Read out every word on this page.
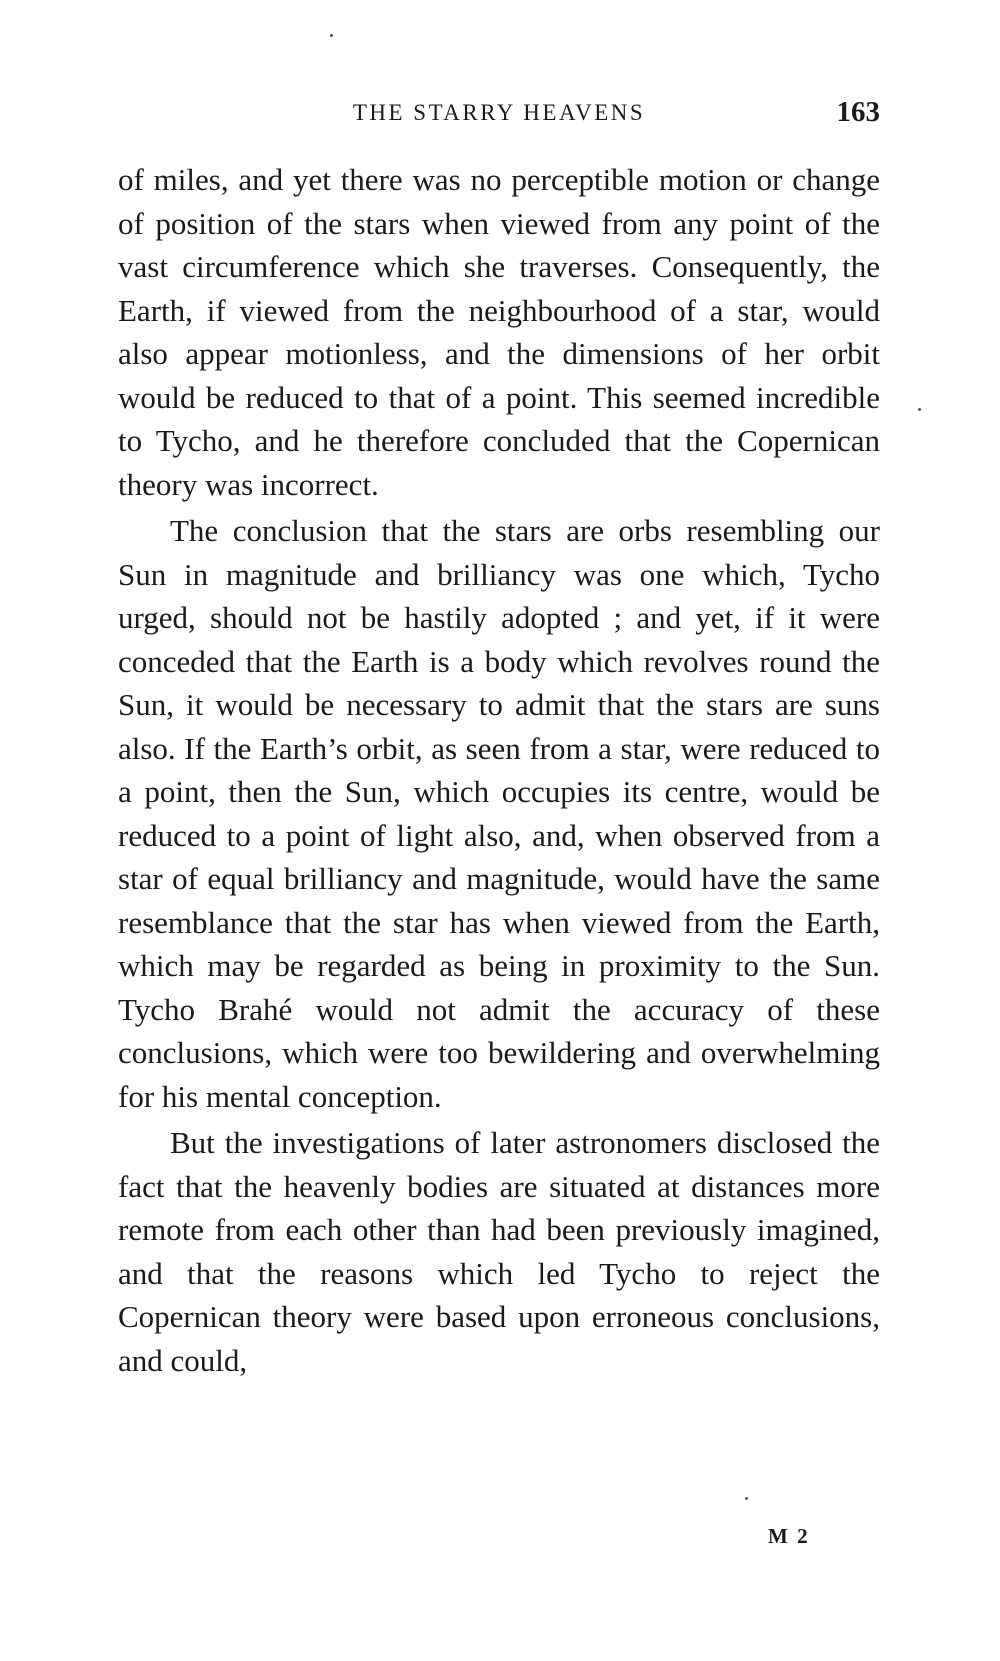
THE STARRY HEAVENS	163

of miles, and yet there was no perceptible motion or change of position of the stars when viewed from any point of the vast circumference which she traverses. Consequently, the Earth, if viewed from the neighbourhood of a star, would also appear motionless, and the dimensions of her orbit would be reduced to that of a point. This seemed incredible to Tycho, and he therefore concluded that the Copernican theory was incorrect.

The conclusion that the stars are orbs resembling our Sun in magnitude and brilliancy was one which, Tycho urged, should not be hastily adopted ; and yet, if it were conceded that the Earth is a body which revolves round the Sun, it would be necessary to admit that the stars are suns also. If the Earth’s orbit, as seen from a star, were reduced to a point, then the Sun, which occupies its centre, would be reduced to a point of light also, and, when observed from a star of equal brilliancy and magnitude, would have the same resemblance that the star has when viewed from the Earth, which may be regarded as being in proximity to the Sun. Tycho Brahé would not admit the accuracy of these conclusions, which were too bewildering and overwhelming for his mental conception.

But the investigations of later astronomers disclosed the fact that the heavenly bodies are situated at distances more remote from each other than had been previously imagined, and that the reasons which led Tycho to reject the Copernican theory were based upon erroneous conclusions, and could,

M 2
